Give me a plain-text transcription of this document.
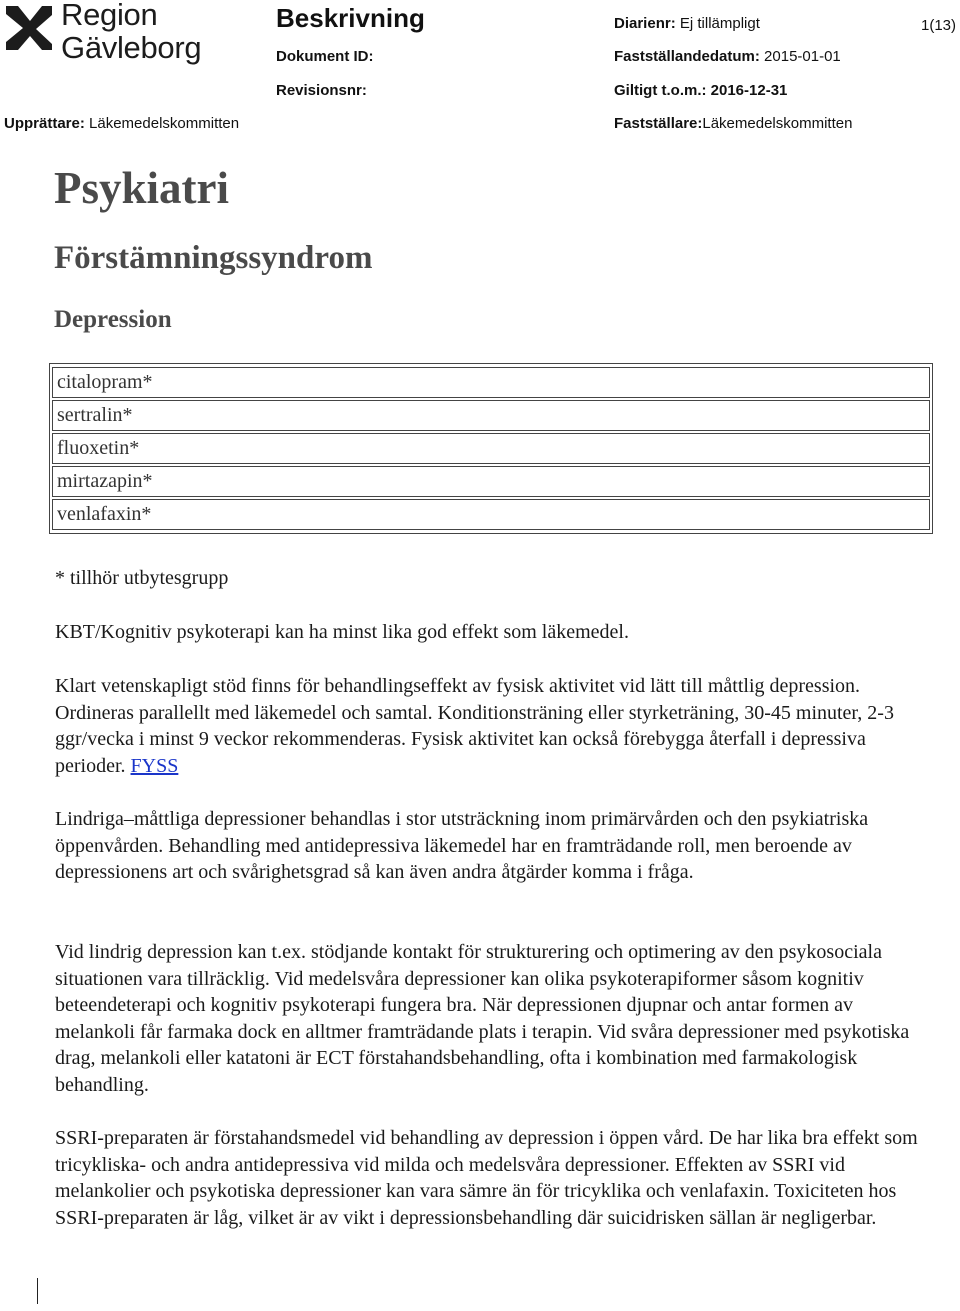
Region
Gävleborg
Beskrivning
Dokument ID:
Revisionsnr:
Upprättare: Läkemedelskommitten
Diarienr: Ej tillämpligt	1(13)
Fastställandedatum: 2015-01-01
Giltigt t.o.m.: 2016-12-31
Fastställare:Läkemedelskommitten
Psykiatri
Förstämningssyndrom
Depression
citalopram*
sertralin*
fluoxetin*
mirtazapin*
venlafaxin*
* tillhör utbytesgrupp
KBT/Kognitiv psykoterapi kan ha minst lika god effekt som läkemedel.
Klart vetenskapligt stöd finns för behandlingseffekt av fysisk aktivitet vid lätt till måttlig depression. Ordineras parallellt med läkemedel och samtal. Konditionsträning eller styrketräning, 30-45 minuter, 2-3 ggr/vecka i minst 9 veckor rekommenderas. Fysisk aktivitet kan också förebygga återfall i depressiva perioder. FYSS
Lindriga–måttliga depressioner behandlas i stor utsträckning inom primärvården och den psykiatriska öppenvården. Behandling med antidepressiva läkemedel har en framträdande roll, men beroende av depressionens art och svårighetsgrad så kan även andra åtgärder komma i fråga.
Vid lindrig depression kan t.ex. stödjande kontakt för strukturering och optimering av den psykosociala situationen vara tillräcklig. Vid medelsvåra depressioner kan olika psykoterapiformer såsom kognitiv beteendeterapi och kognitiv psykoterapi fungera bra. När depressionen djupnar och antar formen av melankoli får farmaka dock en alltmer framträdande plats i terapin. Vid svåra depressioner med psykotiska drag, melankoli eller katatoni är ECT förstahandsbehandling, ofta i kombination med farmakologisk behandling.
SSRI-preparaten är förstahandsmedel vid behandling av depression i öppen vård. De har lika bra effekt som tricykliska- och andra antidepressiva vid milda och medelsvåra depressioner. Effekten av SSRI vid melankolier och psykotiska depressioner kan vara sämre än för tricyklika och venlafaxin. Toxiciteten hos SSRI-preparaten är låg, vilket är av vikt i depressionsbehandling där suicidrisken sällan är negligerbar.
